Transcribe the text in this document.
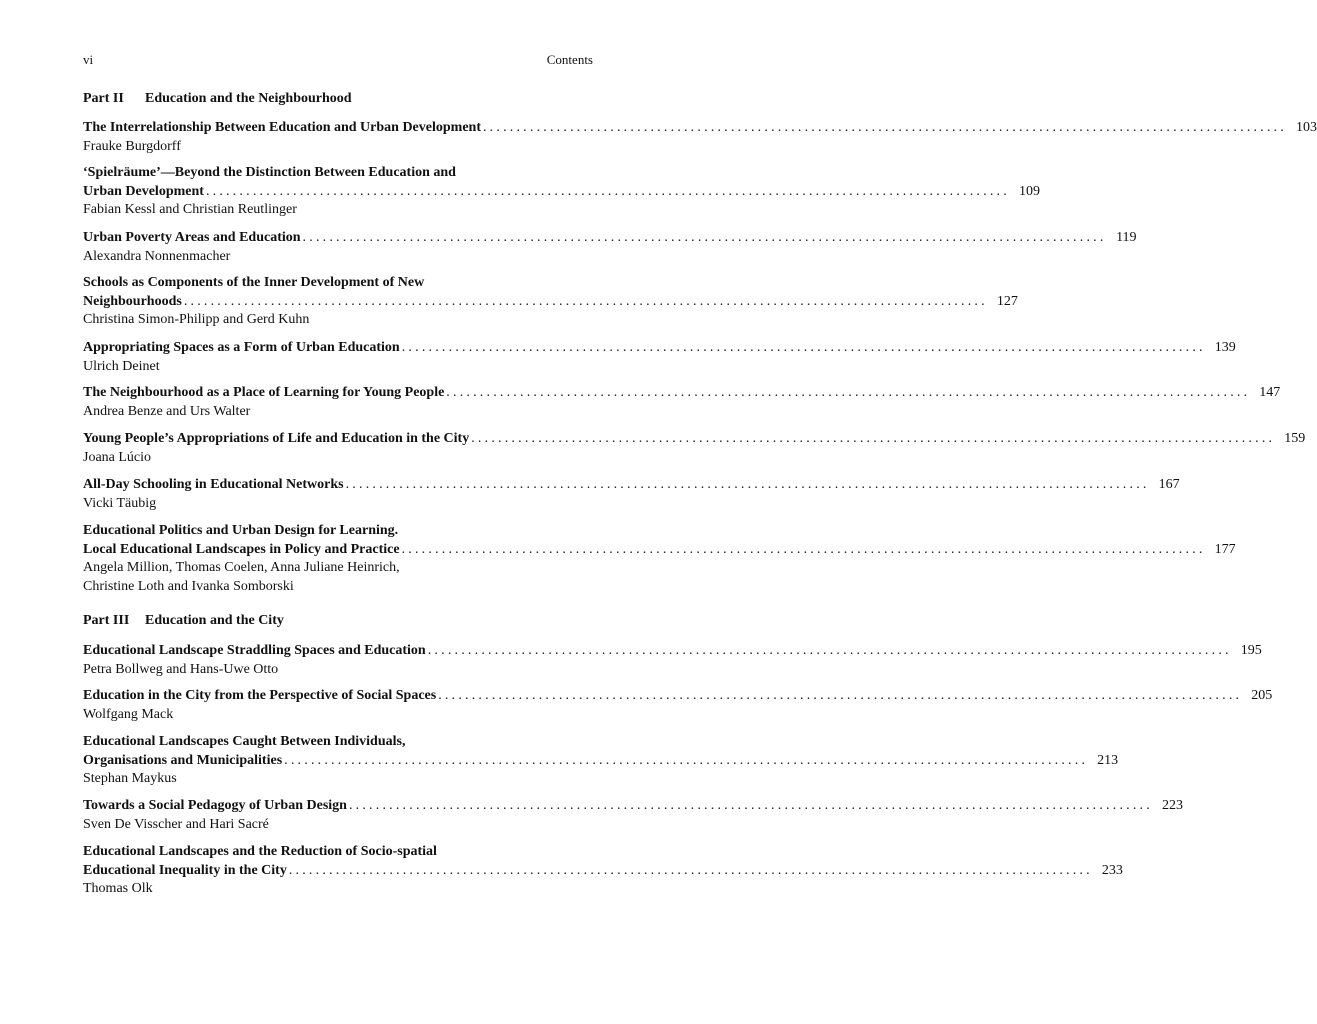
vi	Contents
Part II Education and the Neighbourhood
Part III Education and the City
The Interrelationship Between Education and Urban Development ........................................................................................................................ 103
Frauke Burgdorff
‘Spielräume’—Beyond the Distinction Between Education and
Urban Development ........................................................................................................................ 109
Fabian Kessl and Christian Reutlinger
Urban Poverty Areas and Education ........................................................................................................................ 119
Alexandra Nonnenmacher
Schools as Components of the Inner Development of New
Neighbourhoods ........................................................................................................................ 127
Christina Simon-Philipp and Gerd Kuhn
Appropriating Spaces as a Form of Urban Education ........................................................................................................................ 139
Ulrich Deinet
The Neighbourhood as a Place of Learning for Young People ........................................................................................................................ 147
Andrea Benze and Urs Walter
Young People’s Appropriations of Life and Education in the City ........................................................................................................................ 159
Joana Lúcio
All-Day Schooling in Educational Networks ........................................................................................................................ 167
Vicki Täubig
Educational Politics and Urban Design for Learning.
Local Educational Landscapes in Policy and Practice ........................................................................................................................ 177
Angela Million, Thomas Coelen, Anna Juliane Heinrich,
Christine Loth and Ivanka Somborski
Educational Landscape Straddling Spaces and Education ........................................................................................................................ 195
Petra Bollweg and Hans-Uwe Otto
Education in the City from the Perspective of Social Spaces ........................................................................................................................ 205
Wolfgang Mack
Educational Landscapes Caught Between Individuals,
Organisations and Municipalities ........................................................................................................................ 213
Stephan Maykus
Towards a Social Pedagogy of Urban Design ........................................................................................................................ 223
Sven De Visscher and Hari Sacré
Educational Landscapes and the Reduction of Socio-spatial
Educational Inequality in the City ........................................................................................................................ 233
Thomas Olk
